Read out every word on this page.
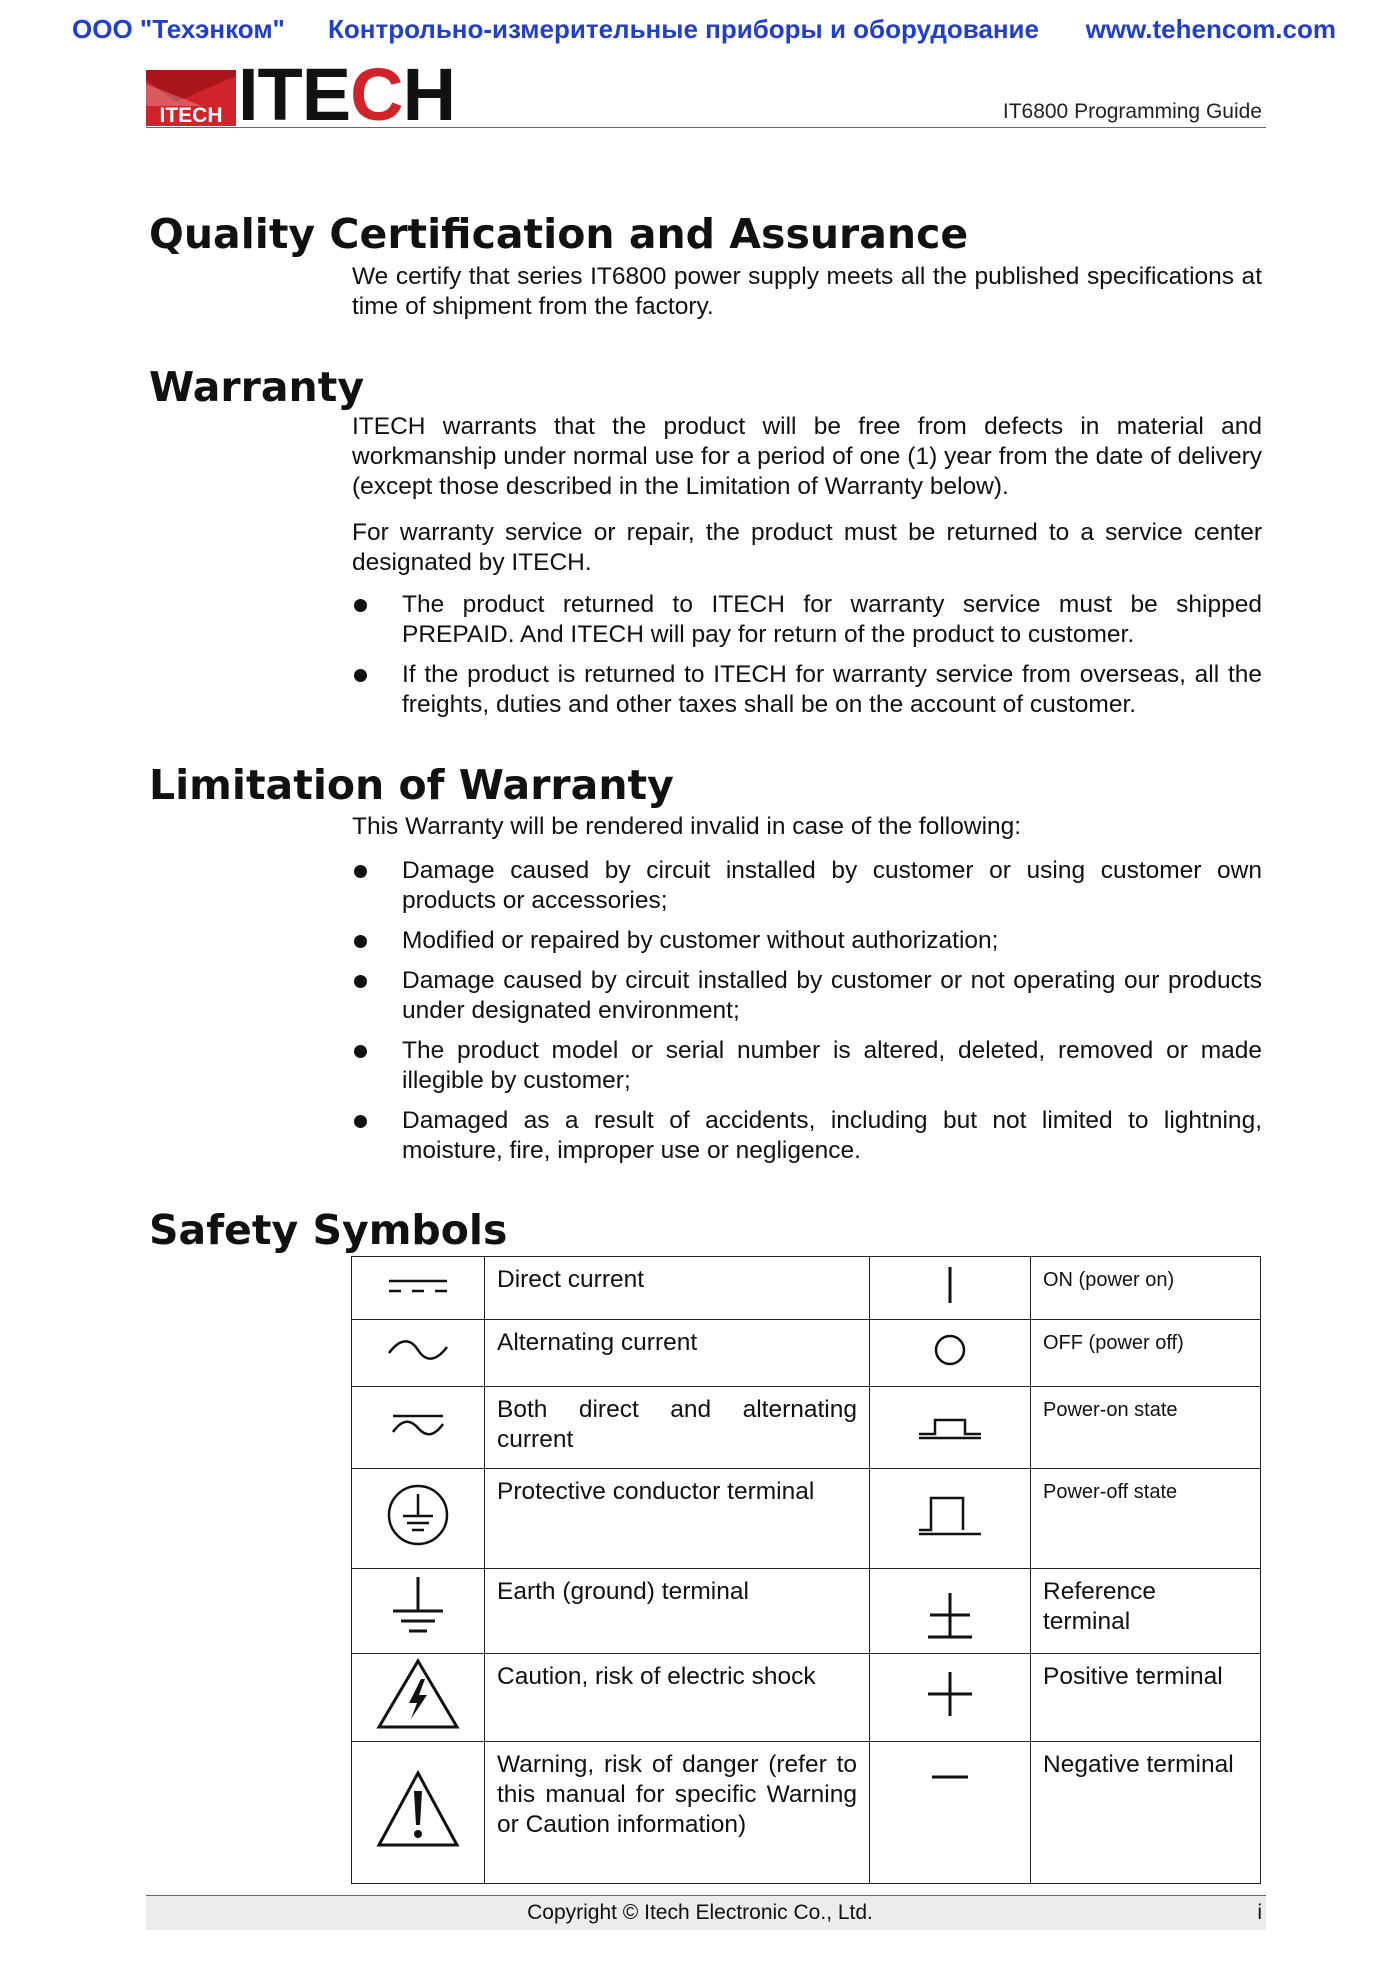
ООО "Техэнком" Контрольно-измерительные приборы и оборудование www.tehencom.com
ITECH ITECH	IT6800 Programming Guide
Quality Certification and Assurance

We certify that series IT6800 power supply meets all the published specifications at time of shipment from the factory.

Warranty

ITECH warrants that the product will be free from defects in material and workmanship under normal use for a period of one (1) year from the date of delivery (except those described in the Limitation of Warranty below).

For warranty service or repair, the product must be returned to a service center designated by ITECH.

The product returned to ITECH for warranty service must be shipped PREPAID. And ITECH will pay for return of the product to customer.
If the product is returned to ITECH for warranty service from overseas, all the freights, duties and other taxes shall be on the account of customer.
Limitation of Warranty

This Warranty will be rendered invalid in case of the following:

Damage caused by circuit installed by customer or using customer own products or accessories;
Modified or repaired by customer without authorization;
Damage caused by circuit installed by customer or not operating our products under designated environment;
The product model or serial number is altered, deleted, removed or made illegible by customer;
Damaged as a result of accidents, including but not limited to lightning, moisture, fire, improper use or negligence.
Safety Symbols
	Direct current		ON (power on)
	Alternating current		OFF (power off)
	Both direct and alternating current		Power-on state
	Protective conductor terminal		Power-off state
	Earth (ground) terminal		Reference terminal
	Caution, risk of electric shock		Positive terminal
	Warning, risk of danger (refer to this manual for specific Warning or Caution information)		Negative terminal
Copyright © Itech Electronic Co., Ltd.	i
